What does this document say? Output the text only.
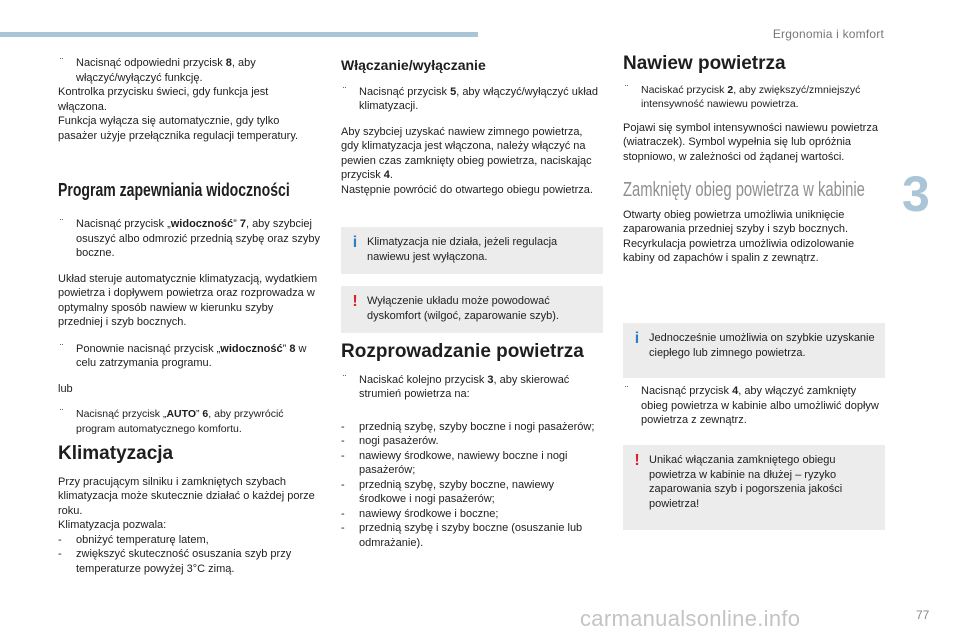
Ergonomia i komfort
3
carmanualsonline.info	77
¨ Nacisnąć odpowiedni przycisk 8, aby włączyć/wyłączyć funkcję.

Kontrolka przycisku świeci, gdy funkcja jest włączona.
Funkcja wyłącza się automatycznie, gdy tylko pasażer użyje przełącznika regulacji temperatury.

Program zapewniania widoczności
¨ Nacisnąć przycisk „widoczność” 7, aby szybciej osuszyć albo odmrozić przednią szybę oraz szyby boczne.

Układ steruje automatycznie klimatyzacją, wydatkiem powietrza i dopływem powietrza oraz rozprowadza w optymalny sposób nawiew w kierunku szyby przedniej i szyb bocznych.

¨ Ponownie nacisnąć przycisk „widoczność” 8 w celu zatrzymania programu.

lub

¨ Nacisnąć przycisk „AUTO” 6, aby przywrócić program automatycznego komfortu.
Klimatyzacja

Przy pracującym silniku i zamkniętych szybach klimatyzacja może skutecznie działać o każdej porze roku.
Klimatyzacja pozwala:

- obniżyć temperaturę latem,
- zwiększyć skuteczność osuszania szyb przy temperaturze powyżej 3°C zimą.
Włączanie/wyłączanie
¨ Nacisnąć przycisk 5, aby włączyć/wyłączyć układ klimatyzacji.

Aby szybciej uzyskać nawiew zimnego powietrza, gdy klimatyzacja jest włączona, należy włączyć na pewien czas zamknięty obieg powietrza, naciskając przycisk 4.
Następnie powrócić do otwartego obiegu powietrza.

i Klimatyzacja nie działa, jeżeli regulacja nawiewu jest wyłączona.
! Wyłączenie układu może powodować dyskomfort (wilgoć, zaparowanie szyb).
Rozprowadzanie powietrza
¨ Naciskać kolejno przycisk 3, aby skierować strumień powietrza na:
- przednią szybę, szyby boczne i nogi pasażerów;
- nogi pasażerów.
- nawiewy środkowe, nawiewy boczne i nogi pasażerów;
- przednią szybę, szyby boczne, nawiewy środkowe i nogi pasażerów;
- nawiewy środkowe i boczne;
- przednią szybę i szyby boczne (osuszanie lub odmrażanie).
Nawiew powietrza
¨ Naciskać przycisk 2, aby zwiększyć/zmniejszyć intensywność nawiewu powietrza.

Pojawi się symbol intensywności nawiewu powietrza (wiatraczek). Symbol wypełnia się lub opróżnia stopniowo, w zależności od żądanej wartości.

Zamknięty obieg powietrza w kabinie

Otwarty obieg powietrza umożliwia uniknięcie zaparowania przedniej szyby i szyb bocznych. Recyrkulacja powietrza umożliwia odizolowanie kabiny od zapachów i spalin z zewnątrz.

i Jednocześnie umożliwia on szybkie uzyskanie ciepłego lub zimnego powietrza.
¨ Nacisnąć przycisk 4, aby włączyć zamknięty obieg powietrza w kabinie albo umożliwić dopływ powietrza z zewnątrz.
! Unikać włączania zamkniętego obiegu powietrza w kabinie na dłużej – ryzyko zaparowania szyb i pogorszenia jakości powietrza!
